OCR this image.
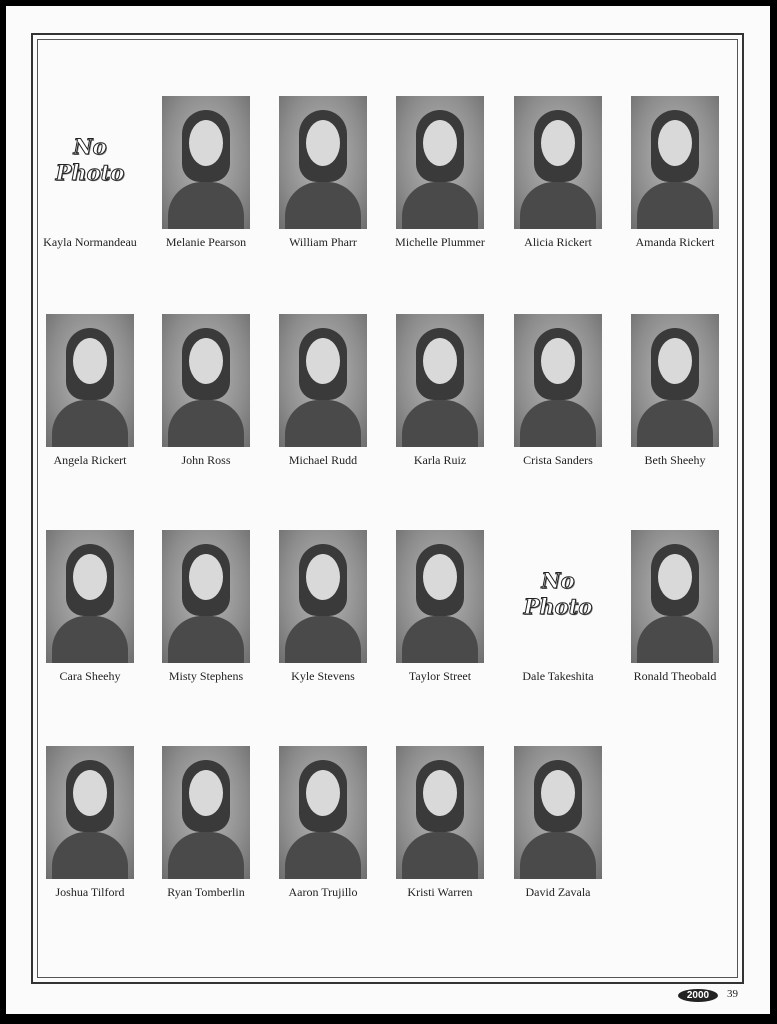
No
Photo
Kayla Normandeau	Melanie Pearson	William Pharr	Michelle Plummer	Alicia Rickert	Amanda Rickert
Angela Rickert	John Ross	Michael Rudd	Karla Ruiz	Crista Sanders	Beth Sheehy
Cara Sheehy	Misty Stephens	Kyle Stevens	Taylor Street
No
Photo
Dale Takeshita	Ronald Theobald
Joshua Tilford	Ryan Tomberlin	Aaron Trujillo	Kristi Warren	David Zavala
2000	39
